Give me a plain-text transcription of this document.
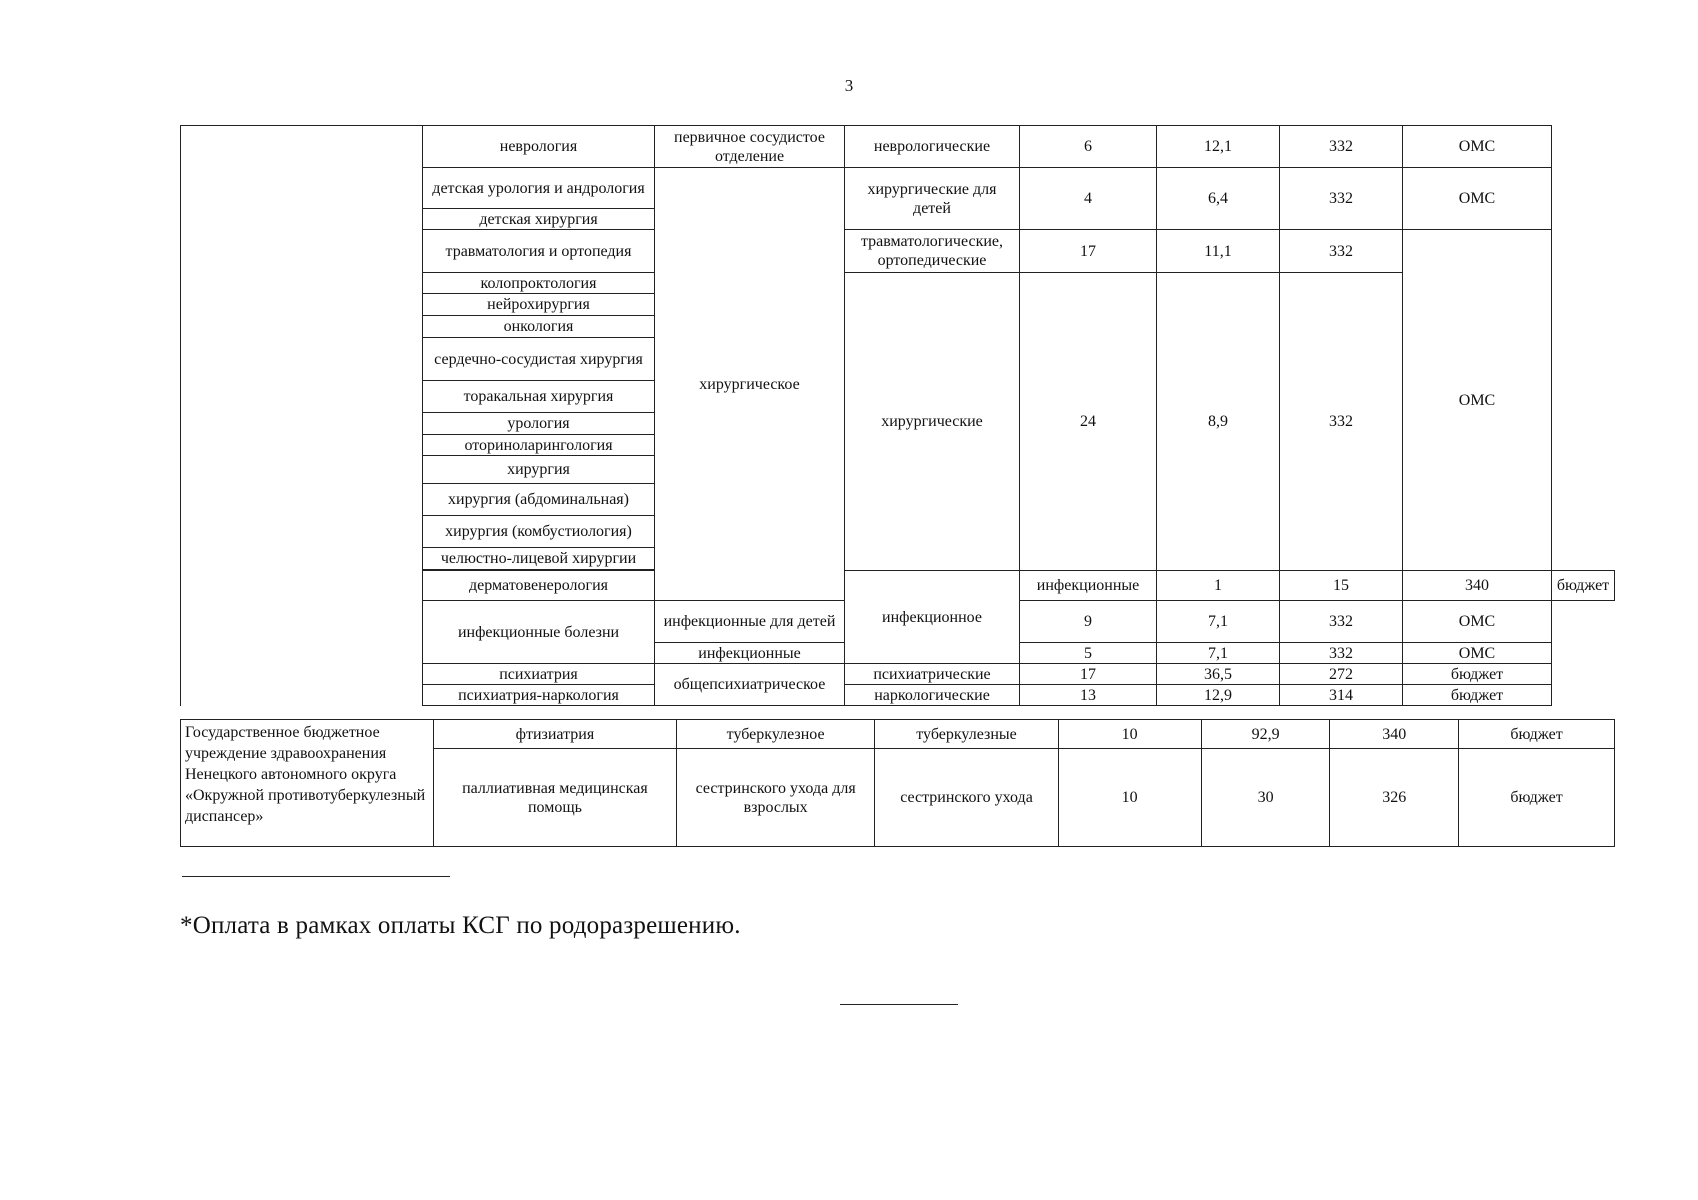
3
	неврология	первичное сосудистое отделение	неврологические	6	12,1	332	ОМС	
	детская урология и андрология	хирургическое	хирургические для детей	4	6,4	332	ОМС	
	детская хирургия							
	травматология и ортопедия		травматологические, ортопедические	17	11,1	332	ОМС	
	колопроктология		хирургические	24	8,9	332		
	нейрохирургия							
	онкология							
	сердечно-сосудистая хирургия							
	торакальная хирургия							
	урология							
	оториноларингология							
	хирургия							
	хирургия (абдоминальная)							
	хирургия (комбустиология)							
	челюстно-лицевой хирургии							

	дерматовенерология		инфекционное	инфекционные	1	15	340	бюджет
	инфекционные болезни	инфекционные для детей		9	7,1	332	ОМС	
		инфекционные		5	7,1	332	ОМС	
	психиатрия	общепсихиатрическое	психиатрические	17	36,5	272	бюджет	
	психиатрия-наркология		наркологические	13	12,9	314	бюджет	
Государственное бюджетное учреждение здравоохранения Ненецкого автономного округа «Окружной противотуберкулезный диспансер»	фтизиатрия	туберкулезное	туберкулезные	10	92,9	340	бюджет
	паллиативная медицинская помощь	сестринского ухода для взрослых	сестринского ухода	10	30	326	бюджет
*Оплата в рамках оплаты КСГ по родоразрешению.
